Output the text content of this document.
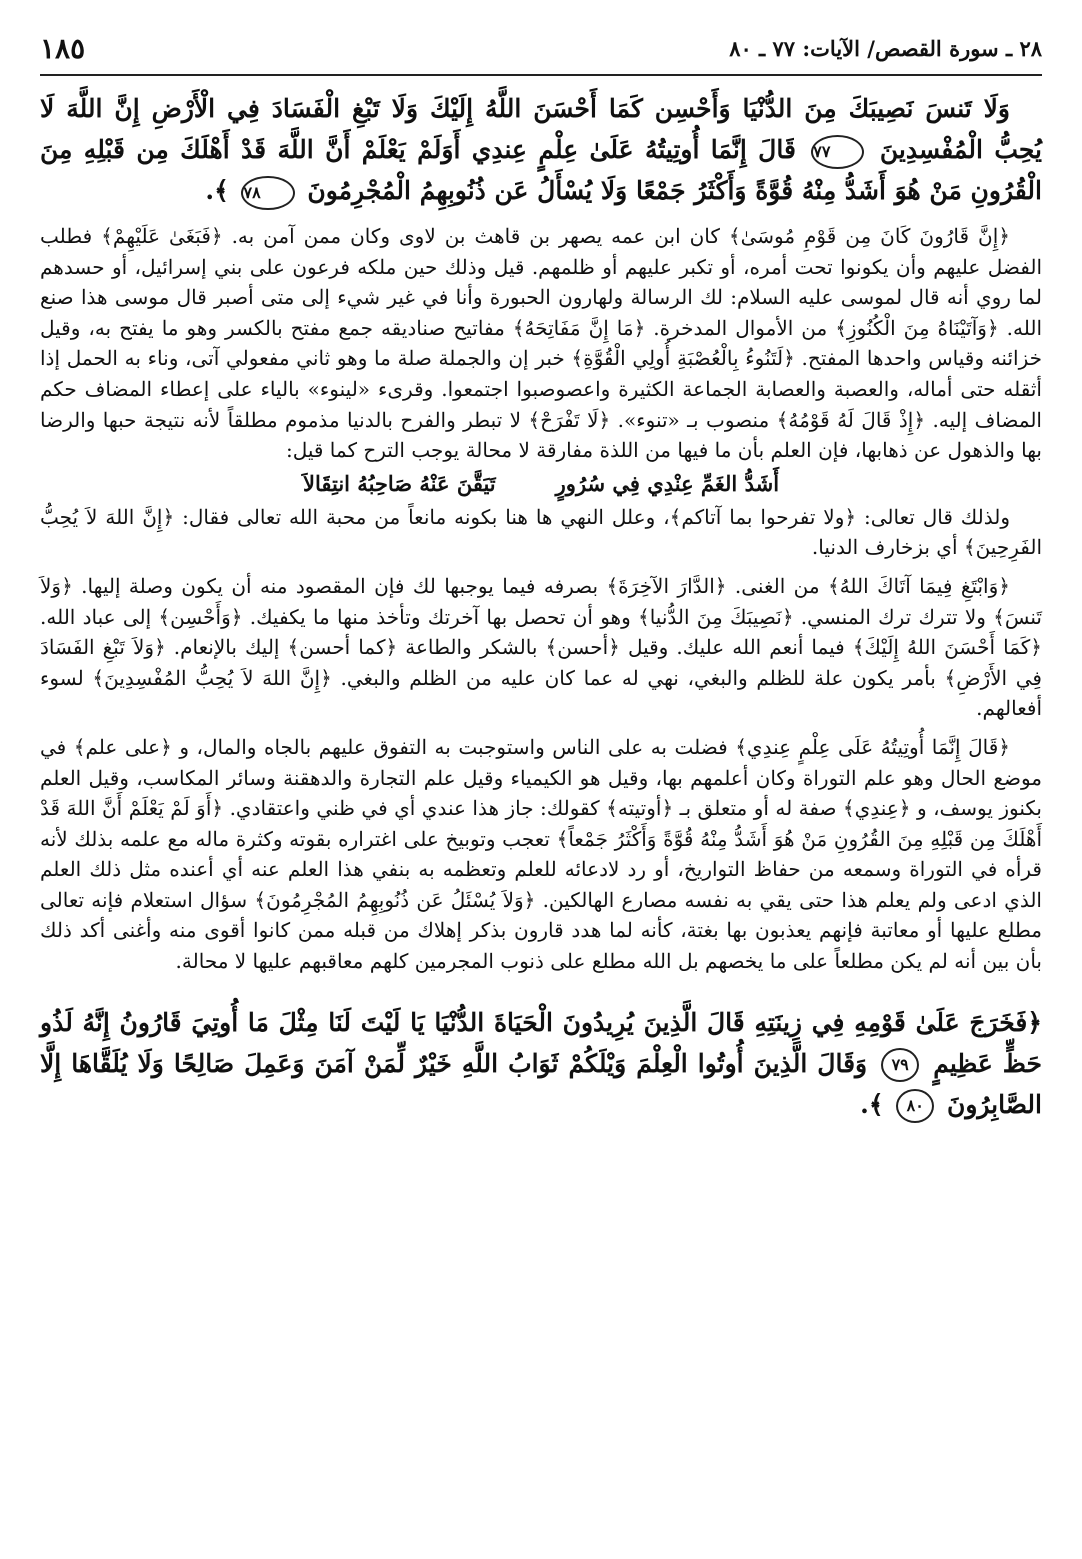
٢٨ ـ سورة القصص/ الآيات: ٧٧ ـ ٨٠
١٨٥

وَلَا تَنسَ نَصِيبَكَ مِنَ الدُّنْيَا وَأَحْسِن كَمَا أَحْسَنَ اللَّهُ إِلَيْكَ وَلَا تَبْغِ الْفَسَادَ فِي الْأَرْضِ إِنَّ اللَّهَ لَا يُحِبُّ الْمُفْسِدِينَ ٧٧ قَالَ إِنَّمَا أُوتِيتُهُ عَلَىٰ عِلْمٍ عِندِي أَوَلَمْ يَعْلَمْ أَنَّ اللَّهَ قَدْ أَهْلَكَ مِن قَبْلِهِ مِنَ الْقُرُونِ مَنْ هُوَ أَشَدُّ مِنْهُ قُوَّةً وَأَكْثَرُ جَمْعًا وَلَا يُسْأَلُ عَن ذُنُوبِهِمُ الْمُجْرِمُونَ ٧٨ ﴾.

﴿إِنَّ قَارُونَ كَانَ مِن قَوْمِ مُوسَىٰ﴾ كان ابن عمه يصهر بن قاهث بن لاوى وكان ممن آمن به. ﴿فَبَغَىٰ عَلَيْهِمْ﴾ فطلب الفضل عليهم وأن يكونوا تحت أمره، أو تكبر عليهم أو ظلمهم. قيل وذلك حين ملكه فرعون على بني إسرائيل، أو حسدهم لما روي أنه قال لموسى عليه السلام: لك الرسالة ولهارون الحبورة وأنا في غير شيء إلى متى أصبر قال موسى هذا صنع الله. ﴿وَآتَيْنَاهُ مِنَ الْكُنُوزِ﴾ من الأموال المدخرة. ﴿مَا إِنَّ مَفَاتِحَهُ﴾ مفاتيح صناديقه جمع مفتح بالكسر وهو ما يفتح به، وقيل خزائنه وقياس واحدها المفتح. ﴿لَتَنُوءُ بِالْعُصْبَةِ أُولِي الْقُوَّةِ﴾ خبر إن والجملة صلة ما وهو ثاني مفعولي آتى، وناء به الحمل إذا أثقله حتى أماله، والعصبة والعصابة الجماعة الكثيرة واعصوصبوا اجتمعوا. وقرىء «لينوء» بالياء على إعطاء المضاف حكم المضاف إليه. ﴿إِذْ قَالَ لَهُ قَوْمُهُ﴾ منصوب بـ «تنوء». ﴿لَا تَفْرَحْ﴾ لا تبطر والفرح بالدنيا مذموم مطلقاً لأنه نتيجة حبها والرضا بها والذهول عن ذهابها، فإن العلم بأن ما فيها من اللذة مفارقة لا محالة يوجب الترح كما قيل:

أَشَدُّ الغَمِّ عِنْدِي فِي سُرُورٍ
تَيَقَّنَ عَنْهُ صَاحِبُهُ انتِقَالاَ

ولذلك قال تعالى: ﴿ولا تفرحوا بما آتاكم﴾، وعلل النهي ها هنا بكونه مانعاً من محبة الله تعالى فقال: ﴿إِنَّ اللهَ لاَ يُحِبُّ الفَرِحِينَ﴾ أي بزخارف الدنيا.

﴿وَابْتَغِ فِيمَا آتَاكَ اللهُ﴾ من الغنى. ﴿الدَّارَ الآخِرَةَ﴾ بصرفه فيما يوجبها لك فإن المقصود منه أن يكون وصلة إليها. ﴿وَلاَ تَنسَ﴾ ولا تترك ترك المنسي. ﴿نَصِيبَكَ مِنَ الدُّنيا﴾ وهو أن تحصل بها آخرتك وتأخذ منها ما يكفيك. ﴿وَأَحْسِن﴾ إلى عباد الله. ﴿كَمَا أَحْسَنَ اللهُ إِلَيْكَ﴾ فيما أنعم الله عليك. وقيل ﴿أحسن﴾ بالشكر والطاعة ﴿كما أحسن﴾ إليك بالإنعام. ﴿وَلاَ تَبْغِ الفَسَادَ فِي الأَرْضِ﴾ بأمر يكون علة للظلم والبغي، نهي له عما كان عليه من الظلم والبغي. ﴿إِنَّ اللهَ لاَ يُحِبُّ المُفْسِدِينَ﴾ لسوء أفعالهم.

﴿قَالَ إِنَّمَا أُوتِيتُهُ عَلَى عِلْمٍ عِندِي﴾ فضلت به على الناس واستوجبت به التفوق عليهم بالجاه والمال، و ﴿على علم﴾ في موضع الحال وهو علم التوراة وكان أعلمهم بها، وقيل هو الكيمياء وقيل علم التجارة والدهقنة وسائر المكاسب، وقيل العلم بكنوز يوسف، و ﴿عِندِي﴾ صفة له أو متعلق بـ ﴿أوتيته﴾ كقولك: جاز هذا عندي أي في ظني واعتقادي. ﴿أَوَ لَمْ يَعْلَمْ أَنَّ اللهَ قَدْ أَهْلَكَ مِن قَبْلِهِ مِنَ القُرُونِ مَنْ هُوَ أَشَدُّ مِنْهُ قُوَّةً وَأَكْثَرُ جَمْعاً﴾ تعجب وتوبيخ على اغتراره بقوته وكثرة ماله مع علمه بذلك لأنه قرأه في التوراة وسمعه من حفاظ التواريخ، أو رد لادعائه للعلم وتعظمه به بنفي هذا العلم عنه أي أعنده مثل ذلك العلم الذي ادعى ولم يعلم هذا حتى يقي به نفسه مصارع الهالكين. ﴿وَلاَ يُسْئَلُ عَن ذُنُوبِهِمُ المُجْرِمُونَ﴾ سؤال استعلام فإنه تعالى مطلع عليها أو معاتبة فإنهم يعذبون بها بغتة، كأنه لما هدد قارون بذكر إهلاك من قبله ممن كانوا أقوى منه وأغنى أكد ذلك بأن بين أنه لم يكن مطلعاً على ما يخصهم بل الله مطلع على ذنوب المجرمين كلهم معاقبهم عليها لا محالة.

﴿فَخَرَجَ عَلَىٰ قَوْمِهِ فِي زِينَتِهِ قَالَ الَّذِينَ يُرِيدُونَ الْحَيَاةَ الدُّنْيَا يَا لَيْتَ لَنَا مِثْلَ مَا أُوتِيَ قَارُونُ إِنَّهُ لَذُو حَظٍّ عَظِيمٍ ٧٩ وَقَالَ الَّذِينَ أُوتُوا الْعِلْمَ وَيْلَكُمْ ثَوَابُ اللَّهِ خَيْرٌ لِّمَنْ آمَنَ وَعَمِلَ صَالِحًا وَلَا يُلَقَّاهَا إِلَّا الصَّابِرُونَ ٨٠ ﴾.
